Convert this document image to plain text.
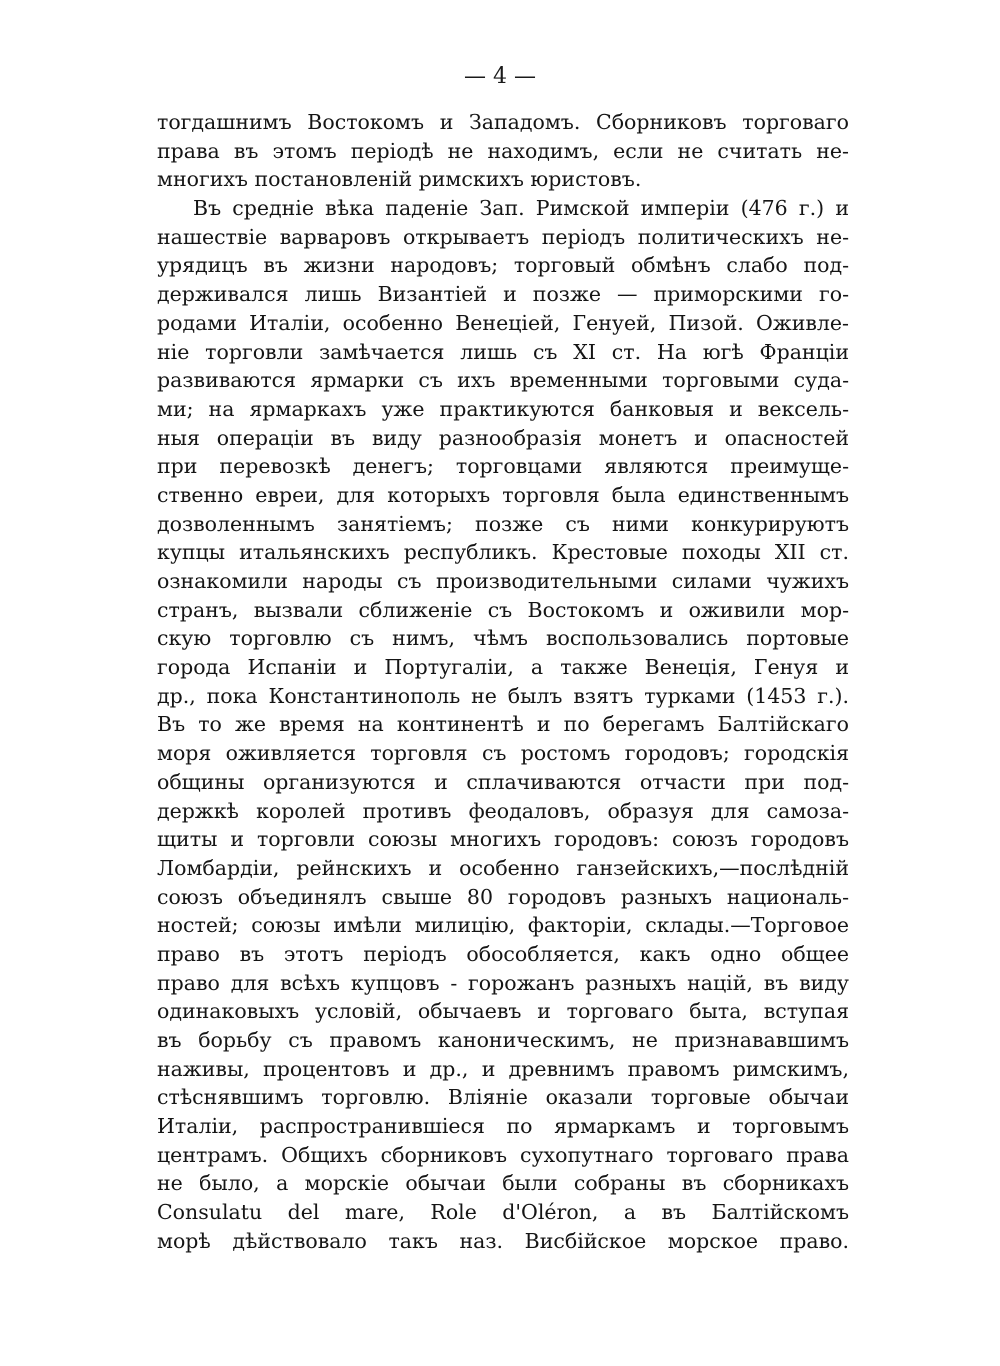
— 4 —
тогдашнимъ Востокомъ и Западомъ. Сборниковъ торговаго
права въ этомъ періодѣ не находимъ, если не считать не-
многихъ постановленій римскихъ юристовъ.
Въ средніе вѣка паденіе Зап. Римской имперіи (476 г.) и
нашествіе варваровъ открываетъ періодъ политическихъ не-
урядицъ въ жизни народовъ; торговый обмѣнъ слабо под-
держивался лишь Византіей и позже — приморскими го-
родами Италіи, особенно Венеціей, Генуей, Пизой. Оживле-
ніе торговли замѣчается лишь съ XI ст. На югѣ Франціи
развиваются ярмарки съ ихъ временными торговыми суда-
ми; на ярмаркахъ уже практикуются банковыя и вексель-
ныя операціи въ виду разнообразія монетъ и опасностей
при перевозкѣ денегъ; торговцами являются преимуще-
ственно евреи, для которыхъ торговля была единственнымъ
дозволеннымъ занятіемъ; позже съ ними конкурируютъ
купцы итальянскихъ республикъ. Крестовые походы XII ст.
ознакомили народы съ производительными силами чужихъ
странъ, вызвали сближеніе съ Востокомъ и оживили мор-
скую торговлю съ нимъ, чѣмъ воспользовались портовые
города Испаніи и Португаліи, а также Венеція, Генуя и
др., пока Константинополь не былъ взятъ турками (1453 г.).
Въ то же время на континентѣ и по берегамъ Балтійскаго
моря оживляется торговля съ ростомъ городовъ; городскія
общины организуются и сплачиваются отчасти при под-
держкѣ королей противъ феодаловъ, образуя для самоза-
щиты и торговли союзы многихъ городовъ: союзъ городовъ
Ломбардіи, рейнскихъ и особенно ганзейскихъ,—послѣдній
союзъ объединялъ свыше 80 городовъ разныхъ националь-
ностей; союзы имѣли милицію, факторіи, склады.—Торговое
право въ этотъ періодъ обособляется, какъ одно общее
право для всѣхъ купцовъ - горожанъ разныхъ націй, въ виду
одинаковыхъ условій, обычаевъ и торговаго быта, вступая
въ борьбу съ правомъ каноническимъ, не признававшимъ
наживы, процентовъ и др., и древнимъ правомъ римскимъ,
стѣснявшимъ торговлю. Вліяніе оказали торговые обычаи
Италіи, распространившіеся по ярмаркамъ и торговымъ
центрамъ. Общихъ сборниковъ сухопутнаго торговаго права
не было, а морскіе обычаи были собраны въ сборникахъ
Consulatu del mare, Role d'Oléron, а въ Балтійскомъ
морѣ дѣйствовало такъ наз. Висбійское морское право.
